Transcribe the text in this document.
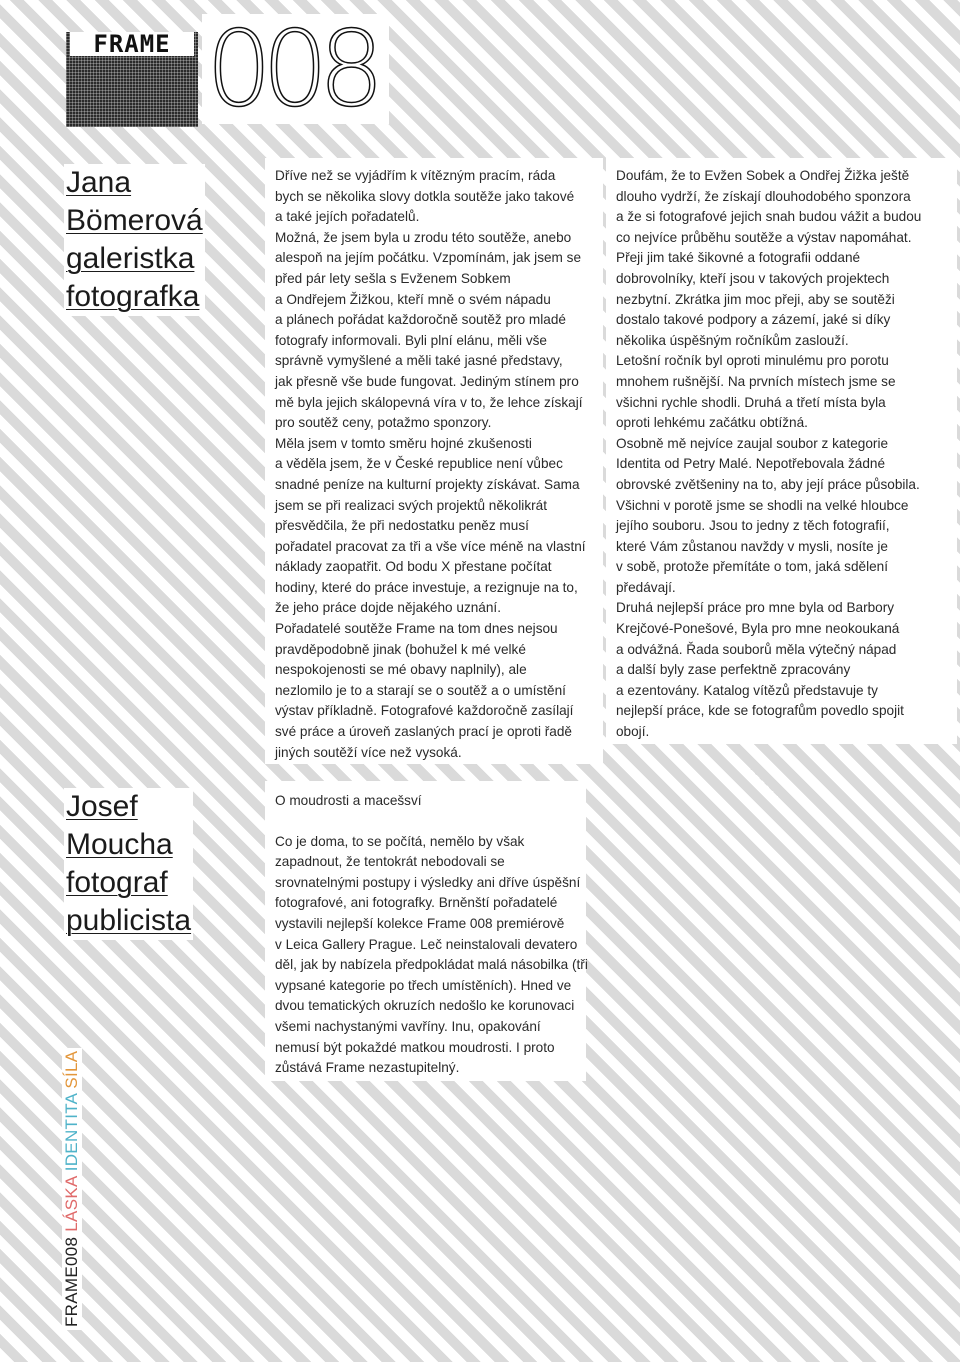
FRAME 008
Jana
Bömerová
galeristka
fotografka
Josef
Moucha
fotograf
publicista

Dříve než se vyjádřím k vítězným pracím, ráda

bych se několika slovy dotkla soutěže jako takové

a také jejích pořadatelů.

Možná, že jsem byla u zrodu této soutěže, anebo

alespoň na jejím počátku. Vzpomínám, jak jsem se

před pár lety sešla s Evženem Sobkem

a Ondřejem Žižkou, kteří mně o svém nápadu

a plánech pořádat každoročně soutěž pro mladé

fotografy informovali. Byli plní elánu, měli vše

správně vymyšlené a měli také jasné představy,

jak přesně vše bude fungovat. Jediným stínem pro

mě byla jejich skálopevná víra v to, že lehce získají

pro soutěž ceny, potažmo sponzory.

Měla jsem v tomto směru hojné zkušenosti

a věděla jsem, že v České republice není vůbec

snadné peníze na kulturní projekty získávat. Sama

jsem se při realizaci svých projektů několikrát

přesvědčila, že při nedostatku peněz musí

pořadatel pracovat za tři a vše více méně na vlastní

náklady zaopatřit. Od bodu X přestane počítat

hodiny, které do práce investuje, a rezignuje na to,

že jeho práce dojde nějakého uznání.

Pořadatelé soutěže Frame na tom dnes nejsou

pravděpodobně jinak (bohužel k mé velké

nespokojenosti se mé obavy naplnily), ale

nezlomilo je to a starají se o soutěž a o umístění

výstav příkladně. Fotografové každoročně zasílají

své práce a úroveň zaslaných prací je oproti řadě

jiných soutěží více než vysoká.

Doufám, že to Evžen Sobek a Ondřej Žižka ještě

dlouho vydrží, že získají dlouhodobého sponzora

a že si fotografové jejich snah budou vážit a budou

co nejvíce průběhu soutěže a výstav napomáhat.

Přeji jim také šikovné a fotografii oddané

dobrovolníky, kteří jsou v takových projektech

nezbytní. Zkrátka jim moc přeji, aby se soutěži

dostalo takové podpory a zázemí, jaké si díky

několika úspěšným ročníkům zaslouží.

Letošní ročník byl oproti minulému pro porotu

mnohem rušnější. Na prvních místech jsme se

všichni rychle shodli. Druhá a třetí místa byla

oproti lehkému začátku obtížná.

Osobně mě nejvíce zaujal soubor z kategorie

Identita od Petry Malé. Nepotřebovala žádné

obrovské zvětšeniny na to, aby její práce působila.

Všichni v porotě jsme se shodli na velké hloubce

jejího souboru. Jsou to jedny z těch fotografií,

které Vám zůstanou navždy v mysli, nosíte je

v sobě, protože přemítáte o tom, jaká sdělení

předávají.

Druhá nejlepší práce pro mne byla od Barbory

Krejčové-Ponešové, Byla pro mne neokoukaná

a odvážná. Řada souborů měla výtečný nápad

a další byly zase perfektně zpracovány

a ezentovány. Katalog vítězů představuje ty

nejlepší práce, kde se fotografům povedlo spojit

obojí.

O moudrosti a macešsví

Co je doma, to se počítá, nemělo by však

zapadnout, že tentokrát nebodovali se

srovnatelnými postupy i výsledky ani dříve úspěšní

fotografové, ani fotografky. Brněnští pořadatelé

vystavili nejlepší kolekce Frame 008 premiérově

v Leica Gallery Prague. Leč neinstalovali devatero

děl, jak by nabízela předpokládat malá násobilka (tři

vypsané kategorie po třech umístěních). Hned ve

dvou tematických okruzích nedošlo ke korunovaci

všemi nachystanými vavříny. Inu, opakování

nemusí být pokaždé matkou moudrosti. I proto

zůstává Frame nezastupitelný.

FRAME008 LÁSKA IDENTITA SÍLA
